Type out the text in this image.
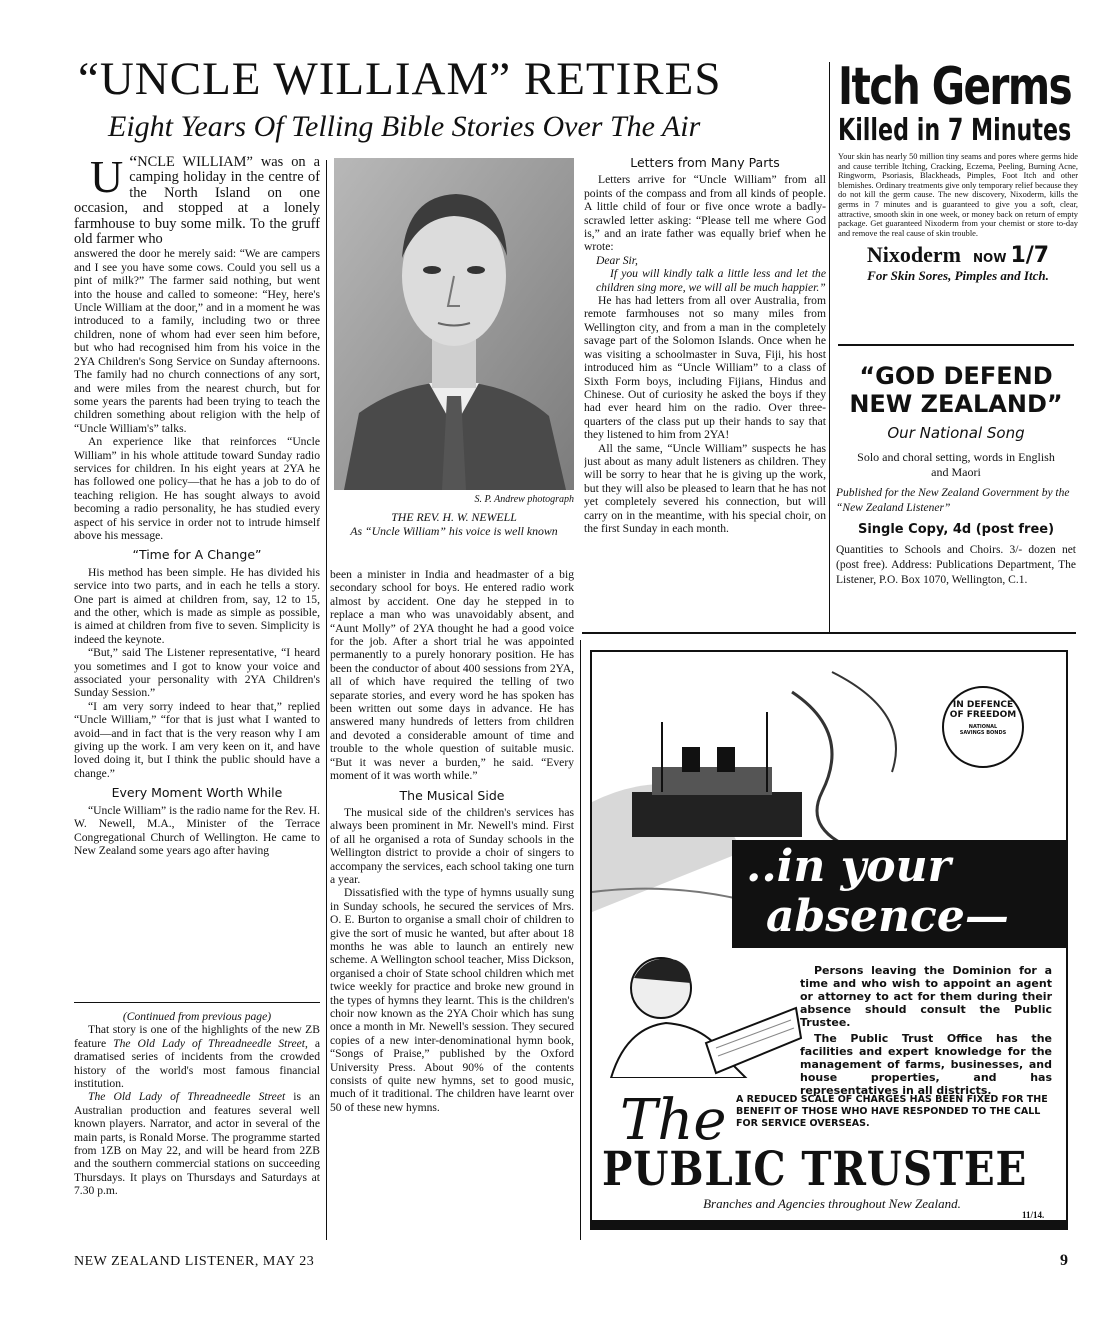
“UNCLE WILLIAM” RETIRES
Eight Years Of Telling Bible Stories Over The Air
“
U NCLE WILLIAM” was on a camping holiday in the centre of the North Island on one occasion, and stopped at a lonely farmhouse to buy some milk. To the gruff old farmer who

answered the door he merely said: “We are campers and I see you have some cows. Could you sell us a pint of milk?” The farmer said nothing, but went into the house and called to someone: “Hey, here's Uncle William at the door,” and in a moment he was introduced to a family, including two or three children, none of whom had ever seen him before, but who had recognised him from his voice in the 2YA Children's Song Service on Sunday afternoons. The family had no church connections of any sort, and were miles from the nearest church, but for some years the parents had been trying to teach the children something about religion with the help of “Uncle William's” talks.

An experience like that reinforces “Uncle William” in his whole attitude toward Sunday radio services for children. In his eight years at 2YA he has followed one policy—that he has a job to do of teaching religion. He has sought always to avoid becoming a radio personality, he has studied every aspect of his service in order not to intrude himself above his message.

“Time for A Change”

His method has been simple. He has divided his service into two parts, and in each he tells a story. One part is aimed at children from, say, 12 to 15, and the other, which is made as simple as possible, is aimed at children from five to seven. Simplicity is indeed the keynote.

“But,” said The Listener representative, “I heard you sometimes and I got to know your voice and associated your personality with 2YA Children's Sunday Session.”

“I am very sorry indeed to hear that,” replied “Uncle William,” “for that is just what I wanted to avoid—and in fact that is the very reason why I am giving up the work. I am very keen on it, and have loved doing it, but I think the public should have a change.”

Every Moment Worth While

“Uncle William” is the radio name for the Rev. H. W. Newell, M.A., Minister of the Terrace Congregational Church of Wellington. He came to New Zealand some years ago after having

(Continued from previous page)

That story is one of the highlights of the new ZB feature The Old Lady of Threadneedle Street, a dramatised series of incidents from the crowded history of the world's most famous financial institution.

The Old Lady of Threadneedle Street is an Australian production and features several well known players. Narrator, and actor in several of the main parts, is Ronald Morse. The programme started from 1ZB on May 22, and will be heard from 2ZB and the southern commercial stations on succeeding Thursdays. It plays on Thursdays and Saturdays at 7.30 p.m.

S. P. Andrew photograph
THE REV. H. W. NEWELL
As “Uncle William” his voice is well known

been a minister in India and headmaster of a big secondary school for boys. He entered radio work almost by accident. One day he stepped in to replace a man who was unavoidably absent, and “Aunt Molly” of 2YA thought he had a good voice for the job. After a short trial he was appointed permanently to a purely honorary position. He has been the conductor of about 400 sessions from 2YA, all of which have required the telling of two separate stories, and every word he has spoken has been written out some days in advance. He has answered many hundreds of letters from children and devoted a considerable amount of time and trouble to the whole question of suitable music. “But it was never a burden,” he said. “Every moment of it was worth while.”

The Musical Side

The musical side of the children's services has always been prominent in Mr. Newell's mind. First of all he organised a rota of Sunday schools in the Wellington district to provide a choir of singers to accompany the services, each school taking one turn a year.

Dissatisfied with the type of hymns usually sung in Sunday schools, he secured the services of Mrs. O. E. Burton to organise a small choir of children to give the sort of music he wanted, but after about 18 months he was able to launch an entirely new scheme. A Wellington school teacher, Miss Dickson, organised a choir of State school children which met twice weekly for practice and broke new ground in the types of hymns they learnt. This is the children's choir now known as the 2YA Choir which has sung once a month in Mr. Newell's session. They secured copies of a new inter-denominational hymn book, “Songs of Praise,” published by the Oxford University Press. About 90% of the contents consists of quite new hymns, set to good music, much of it traditional. The children have learnt over 50 of these new hymns.

Letters from Many Parts

Letters arrive for “Uncle William” from all points of the compass and from all kinds of people. A little child of four or five once wrote a badly-scrawled letter asking: “Please tell me where God is,” and an irate father was equally brief when he wrote:

Dear Sir,

If you will kindly talk a little less and let the children sing more, we will all be much happier.”

He has had letters from all over Australia, from remote farmhouses not so many miles from Wellington city, and from a man in the completely savage part of the Solomon Islands. Once when he was visiting a schoolmaster in Suva, Fiji, his host introduced him as “Uncle William” to a class of Sixth Form boys, including Fijians, Hindus and Chinese. Out of curiosity he asked the boys if they had ever heard him on the radio. Over three-quarters of the class put up their hands to say that they listened to him from 2YA!

All the same, “Uncle William” suspects he has just about as many adult listeners as children. They will be sorry to hear that he is giving up the work, but they will also be pleased to learn that he has not yet completely severed his connection, but will carry on in the meantime, with his special choir, on the first Sunday in each month.

Itch Germs
Killed in 7 Minutes

Your skin has nearly 50 million tiny seams and pores where germs hide and cause terrible Itching, Cracking, Eczema, Peeling, Burning Acne, Ringworm, Psoriasis, Blackheads, Pimples, Foot Itch and other blemishes. Ordinary treatments give only temporary relief because they do not kill the germ cause. The new discovery, Nixoderm, kills the germs in 7 minutes and is guaranteed to give you a soft, clear, attractive, smooth skin in one week, or money back on return of empty package. Get guaranteed Nixoderm from your chemist or store to-day and remove the real cause of skin trouble.

Nixoderm NOW 1/7
For Skin Sores, Pimples and Itch.
“GOD DEFEND
NEW ZEALAND”
Our National Song
Solo and choral setting, words in English and Maori
Published for the New Zealand Government by the “New Zealand Listener”
Single Copy, 4d (post free)
Quantities to Schools and Choirs. 3/- dozen net (post free). Address: Publications Department, The Listener, P.O. Box 1070, Wellington, C.1.
IN DEFENCE
OF FREEDOM
NATIONAL SAVINGS BONDS
..in your
absence—

Persons leaving the Dominion for a time and who wish to appoint an agent or attorney to act for them during their absence should consult the Public Trustee.

The Public Trust Office has the facilities and expert knowledge for the management of farms, businesses, and house properties, and has representatives in all districts.

A REDUCED SCALE OF CHARGES HAS BEEN FIXED FOR THE BENEFIT OF THOSE WHO HAVE RESPONDED TO THE CALL FOR SERVICE OVERSEAS.
The
PUBLIC TRUSTEE
Branches and Agencies throughout New Zealand.
11/14.
NEW ZEALAND LISTENER, MAY 23	9
